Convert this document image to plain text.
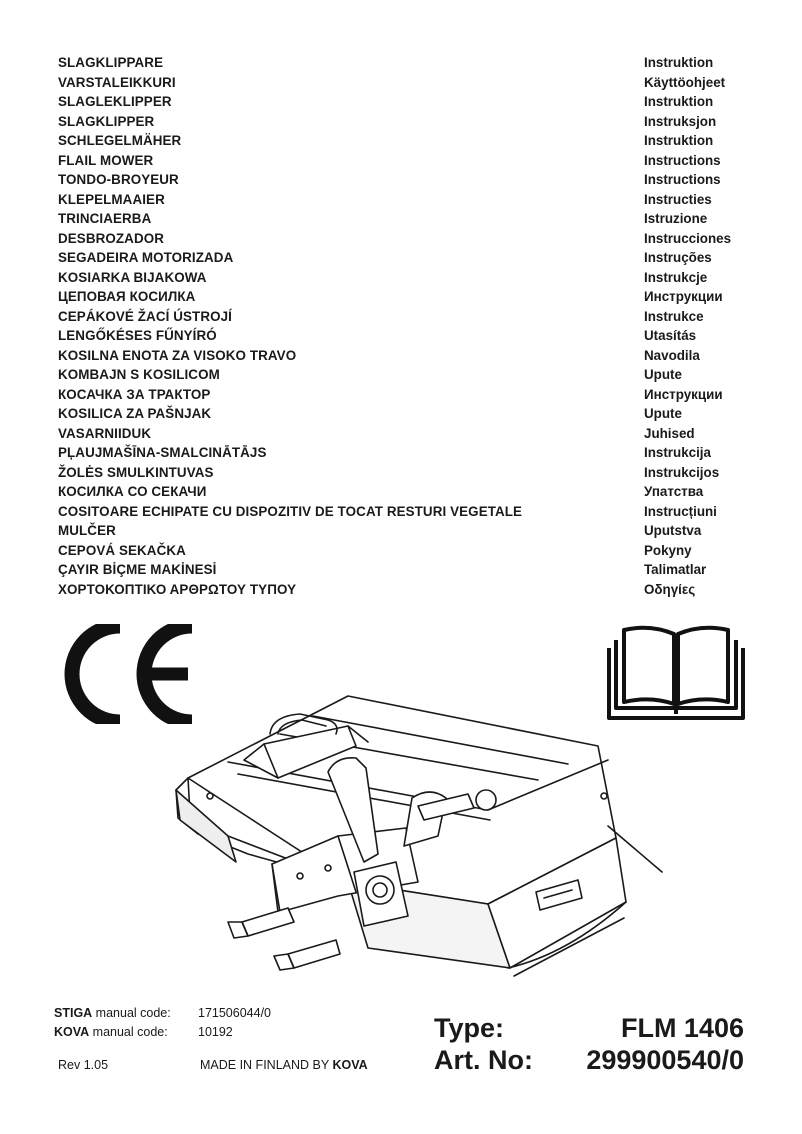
SLAGKLIPPARE	Instruktion
VARSTALEIKKURI	Käyttöohjeet
SLAGLEKLIPPER	Instruktion
SLAGKLIPPER	Instruksjon
SCHLEGELMÄHER	Instruktion
FLAIL MOWER	Instructions
TONDO-BROYEUR	Instructions
KLEPELMAAIER	Instructies
TRINCIAERBA	Istruzione
DESBROZADOR	Instrucciones
SEGADEIRA MOTORIZADA	Instruções
KOSIARKA BIJAKOWA	Instrukcje
ЦЕПОВАЯ КОСИЛКА	Инструкции
CEPÁKOVÉ ŽACÍ ÚSTROJÍ	Instrukce
LENGŐKÉSES FŰNYÍRÓ	Utasítás
KOSILNA ENOTA ZA VISOKO TRAVO	Navodila
KOMBAJN S KOSILICOM	Upute
КОСАЧКА ЗА ТРАКТОР	Инструкции
KOSILICA ZA PAŠNJAK	Upute
VASARNIIDUK	Juhised
PĻAUJMAŠĪNA-SMALCINĀTĀJS	Instrukcija
ŽOLĖS SMULKINTUVAS	Instrukcijos
КОСИЛКА СО СЕКАЧИ	Упатства
COSITOARE ECHIPATE CU DISPOZITIV DE TOCAT RESTURI VEGETALE	Instrucțiuni
MULČER	Uputstva
CEPOVÁ SEKAČKA	Pokyny
ÇAYIR BİÇME MAKİNESİ	Talimatlar
ΧΟΡΤΟΚΟΠΤΙΚΟ ΑΡΘΡΩΤΟΥ ΤΥΠΟΥ	Οδηγίες
STIGA manual code:	171506044/0
KOVA manual code:	10192
Rev 1.05	MADE IN FINLAND BY KOVA
Type:	FLM 1406
Art. No: 299900540/0
